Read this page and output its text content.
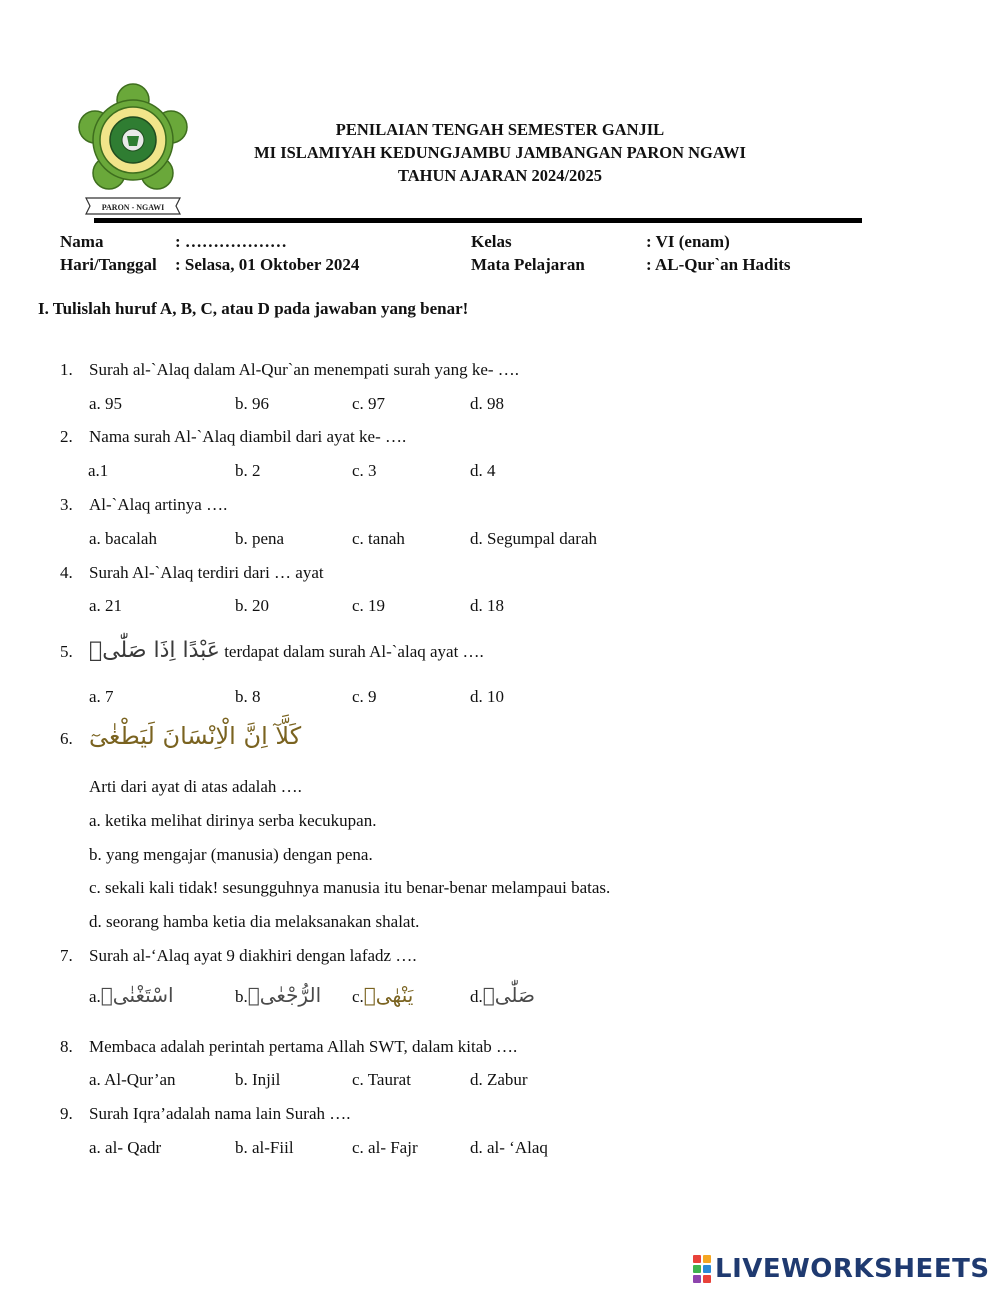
PARON - NGAWI
PENILAIAN TENGAH SEMESTER GANJIL
MI ISLAMIYAH KEDUNGJAMBU JAMBANGAN PARON NGAWI
TAHUN AJARAN 2024/2025
Nama	: ………………
Hari/Tanggal : Selasa, 01 Oktober 2024
Kelas	: VI (enam)
Mata Pelajaran	: AL-Qur`an Hadits
I. Tulislah huruf A, B, C, atau D pada jawaban yang benar!
1. Surah al-`Alaq dalam Al-Qur`an menempati surah yang ke- ….
a. 95	b. 96	c. 97	d. 98
2. Nama surah Al-`Alaq diambil dari ayat ke- ….
a.1	b. 2	c. 3	d. 4
3. Al-`Alaq artinya ….
a. bacalah	b. pena	c. tanah	d. Segumpal darah
4. Surah Al-`Alaq terdiri dari … ayat
a. 21	b. 20	c. 19	d. 18
5. عَبْدًا اِذَا صَلّٰىۗ terdapat dalam surah Al-`alaq ayat ….
a. 7	b. 8	c. 9	d. 10
6. كَلَّآ اِنَّ الْاِنْسَانَ لَيَطْغٰىٓ
Arti dari ayat di atas adalah ….
a. ketika melihat dirinya serba kecukupan.
b. yang mengajar (manusia) dengan pena.
c. sekali kali tidak! sesungguhnya manusia itu benar-benar melampaui batas.
d. seorang hamba ketia dia melaksanakan shalat.
7. Surah al-‘Alaq ayat 9 diakhiri dengan lafadz ….
a.اسْتَغْنٰىۗ	b.الرُّجْعٰىۗ c.يَنْهٰىۙ	d.صَلّٰىۗ
8. Membaca adalah perintah pertama Allah SWT, dalam kitab ….
a. Al-Qur’an	b. Injil	c. Taurat	d. Zabur
9. Surah Iqra’adalah nama lain Surah ….
a. al- Qadr	b. al-Fiil	c. al- Fajr	d. al- ‘Alaq
LIVEWORKSHEETS
